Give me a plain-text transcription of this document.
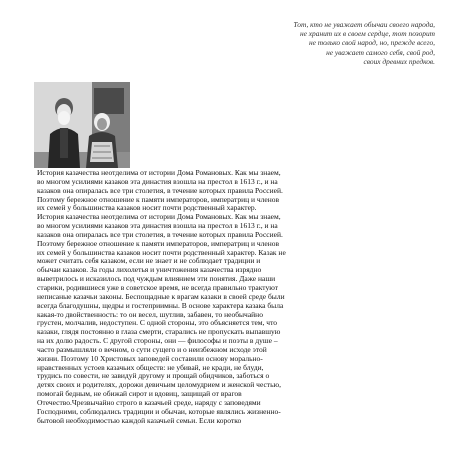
Тот, кто не уважает обычаи своего народа,
не хранит их в своем сердце, тот позорит
не только свой народ, но, прежде всего,
не уважает самого себя, свой род,
своих древних предков.
История казачества неотделима от истории Дома Романовых. Как мы знаем,
во многом усилиями казаков эта династия взошла на престол в 1613 г., и на
казаков она опиралась все три столетия, в течение которых правила Россией.
Поэтому бережное отношение к памяти императоров, императриц и членов
их семей у большинства казаков носит почти родственный характер.
История казачества неотделима от истории Дома Романовых. Как мы знаем,
во многом усилиями казаков эта династия взошла на престол в 1613 г., и на
казаков она опиралась все три столетия, в течение которых правила Россией.
Поэтому бережное отношение к памяти императоров, императриц и членов
их семей у большинства казаков носит почти родственный характер. Казак не
может считать себя казаком, если не знает и не соблюдает традиции и
обычаи казаков. За годы лихолетья и уничтожения казачества изрядно
выветрилось и исказилось под чуждым влиянием эти понятия. Даже наши
старики, родившиеся уже в советское время, не всегда правильно трактуют
неписаные казачьи законы. Беспощадные к врагам казаки в своей среде были
всегда благодушны, щедры и гостеприимны. В основе характера казака была
какая-то двойственность: то он весел, шутлив, забавен, то необычайно
грустен, молчалив, недоступен. С одной стороны, это объясняется тем, что
казаки, глядя постоянно в глаза смерти, старались не пропускать выпавшую
на их долю радость. С другой стороны, они — философы и поэты в душе –
часто размышляли о вечном, о сути сущего и о неизбежном исходе этой
жизни. Поэтому 10 Христовых заповедей составили основу морально-
нравственных устоев казачьих обществ: не убивай, не кради, не блуди,
трудись по совести, не завидуй другому и прощай обидчиков, заботься о
детях своих и родителях, дорожи девичьим целомудрием и женской честью,
помогай бедным, не обижай сирот и вдовиц, защищай от врагов
Отечество.Чрезвычайно строго в казачьей среде, наряду с заповедями
Господними, соблюдались традиции и обычаи, которые являлись жизненно-
бытовой необходимостью каждой казачьей семьи. Если коротко
